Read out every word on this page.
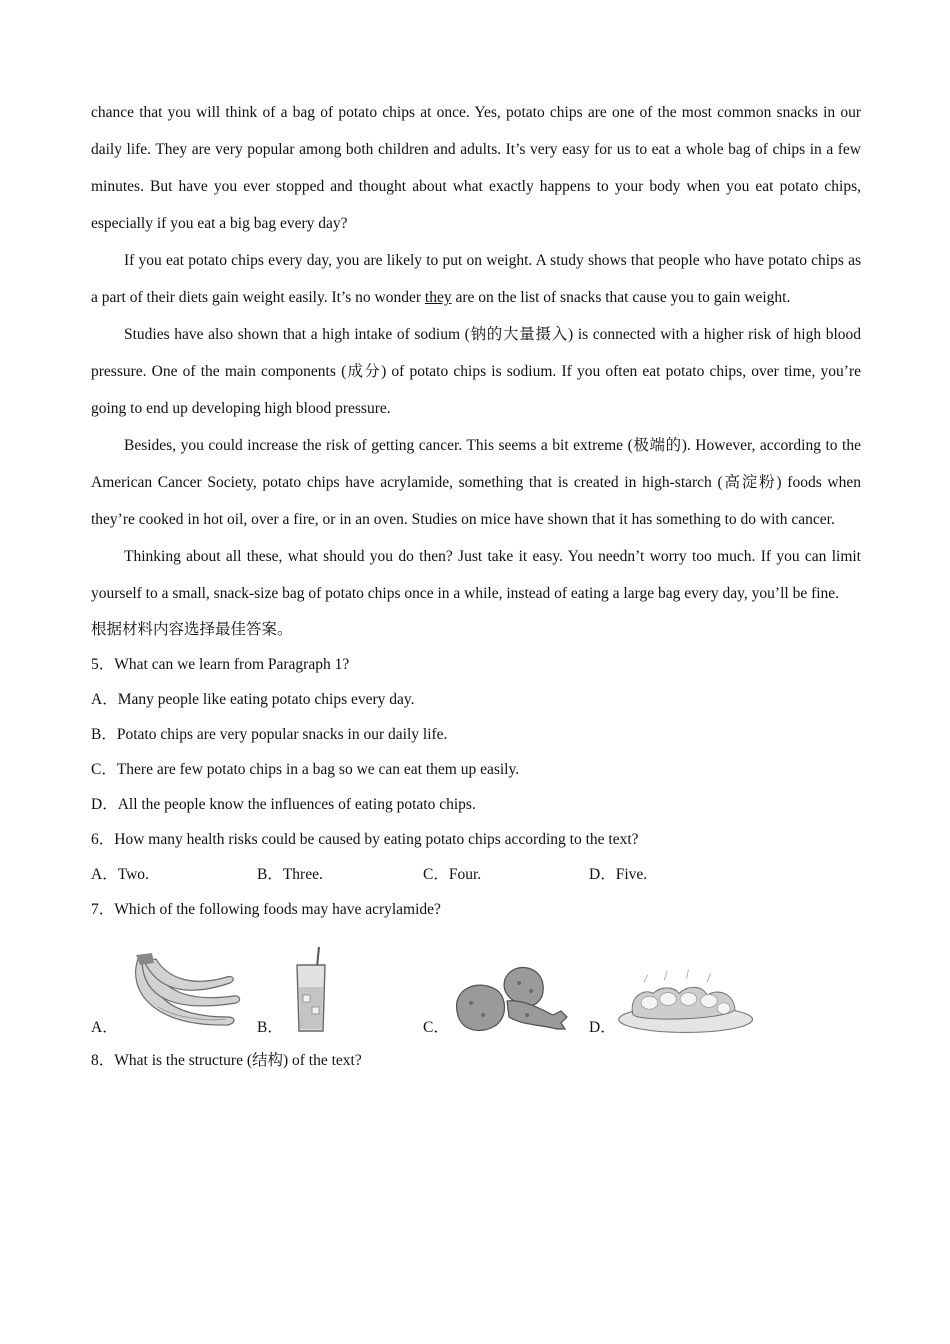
chance that you will think of a bag of potato chips at once. Yes, potato chips are one of the most common snacks in our daily life. They are very popular among both children and adults. It’s very easy for us to eat a whole bag of chips in a few minutes. But have you ever stopped and thought about what exactly happens to your body when you eat potato chips, especially if you eat a big bag every day?

If you eat potato chips every day, you are likely to put on weight. A study shows that people who have potato chips as a part of their diets gain weight easily. It’s no wonder they are on the list of snacks that cause you to gain weight.

Studies have also shown that a high intake of sodium (钠的大量摄入) is connected with a higher risk of high blood pressure. One of the main components (成分) of potato chips is sodium. If you often eat potato chips, over time, you’re going to end up developing high blood pressure.

Besides, you could increase the risk of getting cancer. This seems a bit extreme (极端的). However, according to the American Cancer Society, potato chips have acrylamide, something that is created in high-starch (高淀粉) foods when they’re cooked in hot oil, over a fire, or in an oven. Studies on mice have shown that it has something to do with cancer.

Thinking about all these, what should you do then? Just take it easy. You needn’t worry too much. If you can limit yourself to a small, snack-size bag of potato chips once in a while, instead of eating a large bag every day, you’ll be fine.

根据材料内容选择最佳答案。

5．What can we learn from Paragraph 1?

A．Many people like eating potato chips every day.

B．Potato chips are very popular snacks in our daily life.

C．There are few potato chips in a bag so we can eat them up easily.

D．All the people know the influences of eating potato chips.

6．How many health risks could be caused by eating potato chips according to the text?

A．Two.	B．Three.	C．Four.	D．Five.

7．Which of the following foods may have acrylamide?

A．	B．	C．	D．

8．What is the structure (结构) of the text?
